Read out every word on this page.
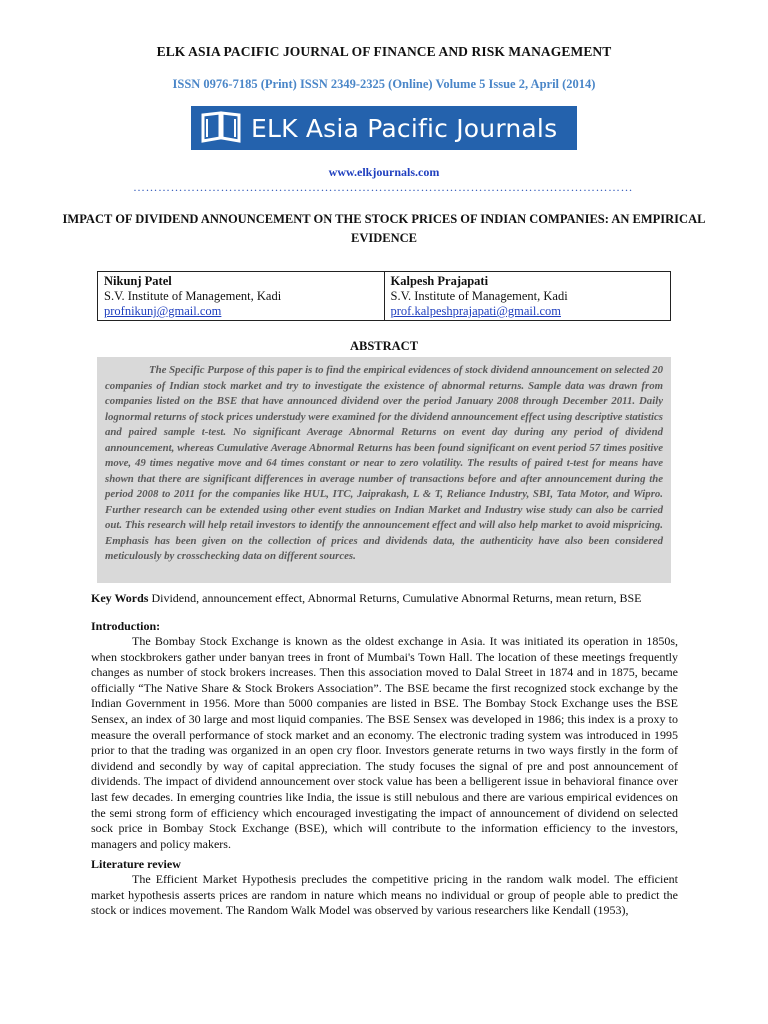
ELK ASIA PACIFIC JOURNAL OF FINANCE AND RISK MANAGEMENT
ISSN 0976-7185 (Print) ISSN 2349-2325 (Online) Volume 5 Issue 2, April (2014)
ELK Asia Pacific Journals
www.elkjournals.com
…………………………………………………………………………………………………………
IMPACT OF DIVIDEND ANNOUNCEMENT ON THE STOCK PRICES OF INDIAN COMPANIES: AN EMPIRICAL EVIDENCE
Nikunj Patel
S.V. Institute of Management, Kadi
profnikunj@gmail.com
Kalpesh Prajapati
S.V. Institute of Management, Kadi
prof.kalpeshprajapati@gmail.com
ABSTRACT

The Specific Purpose of this paper is to find the empirical evidences of stock dividend announcement on selected 20 companies of Indian stock market and try to investigate the existence of abnormal returns. Sample data was drawn from companies listed on the BSE that have announced dividend over the period January 2008 through December 2011. Daily lognormal returns of stock prices understudy were examined for the dividend announcement effect using descriptive statistics and paired sample t-test. No significant Average Abnormal Returns on event day during any period of dividend announcement, whereas Cumulative Average Abnormal Returns has been found significant on event period 57 times positive move, 49 times negative move and 64 times constant or near to zero volatility. The results of paired t-test for means have shown that there are significant differences in average number of transactions before and after announcement during the period 2008 to 2011 for the companies like HUL, ITC, Jaiprakash, L & T, Reliance Industry, SBI, Tata Motor, and Wipro. Further research can be extended using other event studies on Indian Market and Industry wise study can also be carried out. This research will help retail investors to identify the announcement effect and will also help market to avoid mispricing. Emphasis has been given on the collection of prices and dividends data, the authenticity have also been considered meticulously by crosschecking data on different sources.

Key Words Dividend, announcement effect, Abnormal Returns, Cumulative Abnormal Returns, mean return, BSE
Introduction:

The Bombay Stock Exchange is known as the oldest exchange in Asia. It was initiated its operation in 1850s, when stockbrokers gather under banyan trees in front of Mumbai's Town Hall. The location of these meetings frequently changes as number of stock brokers increases. Then this association moved to Dalal Street in 1874 and in 1875, became officially “The Native Share & Stock Brokers Association”. The BSE became the first recognized stock exchange by the Indian Government in 1956. More than 5000 companies are listed in BSE. The Bombay Stock Exchange uses the BSE Sensex, an index of 30 large and most liquid companies. The BSE Sensex was developed in 1986; this index is a proxy to measure the overall performance of stock market and an economy. The electronic trading system was introduced in 1995 prior to that the trading was organized in an open cry floor. Investors generate returns in two ways firstly in the form of dividend and secondly by way of capital appreciation. The study focuses the signal of pre and post announcement of dividends. The impact of dividend announcement over stock value has been a belligerent issue in behavioral finance over last few decades. In emerging countries like India, the issue is still nebulous and there are various empirical evidences on the semi strong form of efficiency which encouraged investigating the impact of announcement of dividend on selected sock price in Bombay Stock Exchange (BSE), which will contribute to the information efficiency to the investors, managers and policy makers.

Literature review

The Efficient Market Hypothesis precludes the competitive pricing in the random walk model. The efficient market hypothesis asserts prices are random in nature which means no individual or group of people able to predict the stock or indices movement. The Random Walk Model was observed by various researchers like Kendall (1953),
